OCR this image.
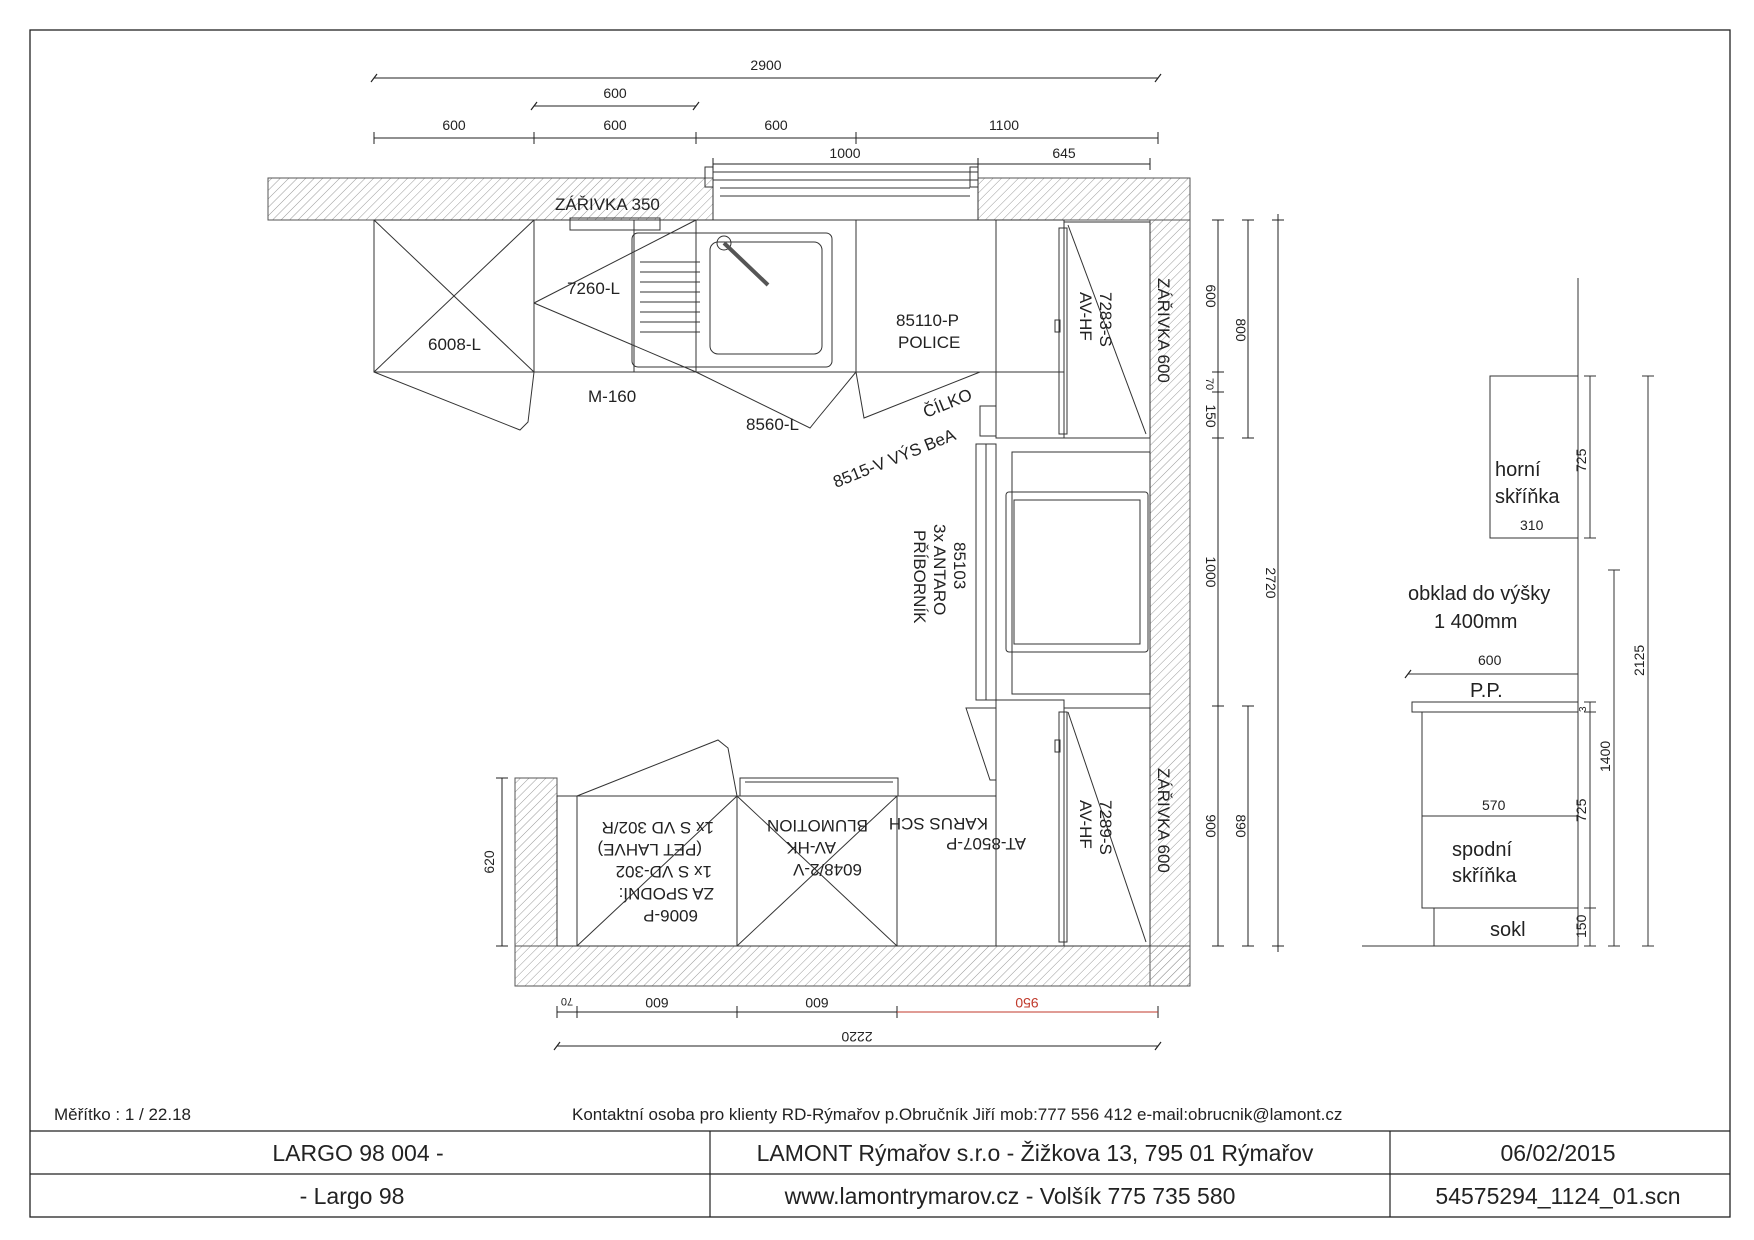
2900
600
600	600	600	1100
1000	645
600
800
70
150
1000
900 890
2720
620
70	600	600	950
2220
ZÁŘIVKA 350
6008-L
7260-L
M-160
85110-P
POLICE
8560-L
ČÍLKO
8515-V VÝS BeA
7283-S
AV-HF	ZÁŘIVKA 600
85103
3x ANTARO
PŘÍBORNÍK
7289-S
AV-HF	ZÁŘIVKA 600
AT-8507-P
KARUS SCH
6048/2-V
AV-HK
BLUMOTION
6006-P
ZA SPODNÍ:
1x S VD-302
(PET LAHVE)
1x S VD 302/R
horní
skříňka
310
725
obklad do výšky
1 400mm
600
P.P.
3
570
spodní
skříňka
sokl
725
150
1400
2125
Měřítko : 1 / 22.18	Kontaktní osoba pro klienty RD-Rýmařov p.Obručník Jiří mob:777 556 412 e-mail:obrucnik@lamont.cz
LARGO 98 004 -	LAMONT Rýmařov s.r.o - Žižkova 13, 795 01 Rýmařov	06/02/2015
- Largo 98	www.lamontrymarov.cz - Volšík 775 735 580	54575294_1124_01.scn
